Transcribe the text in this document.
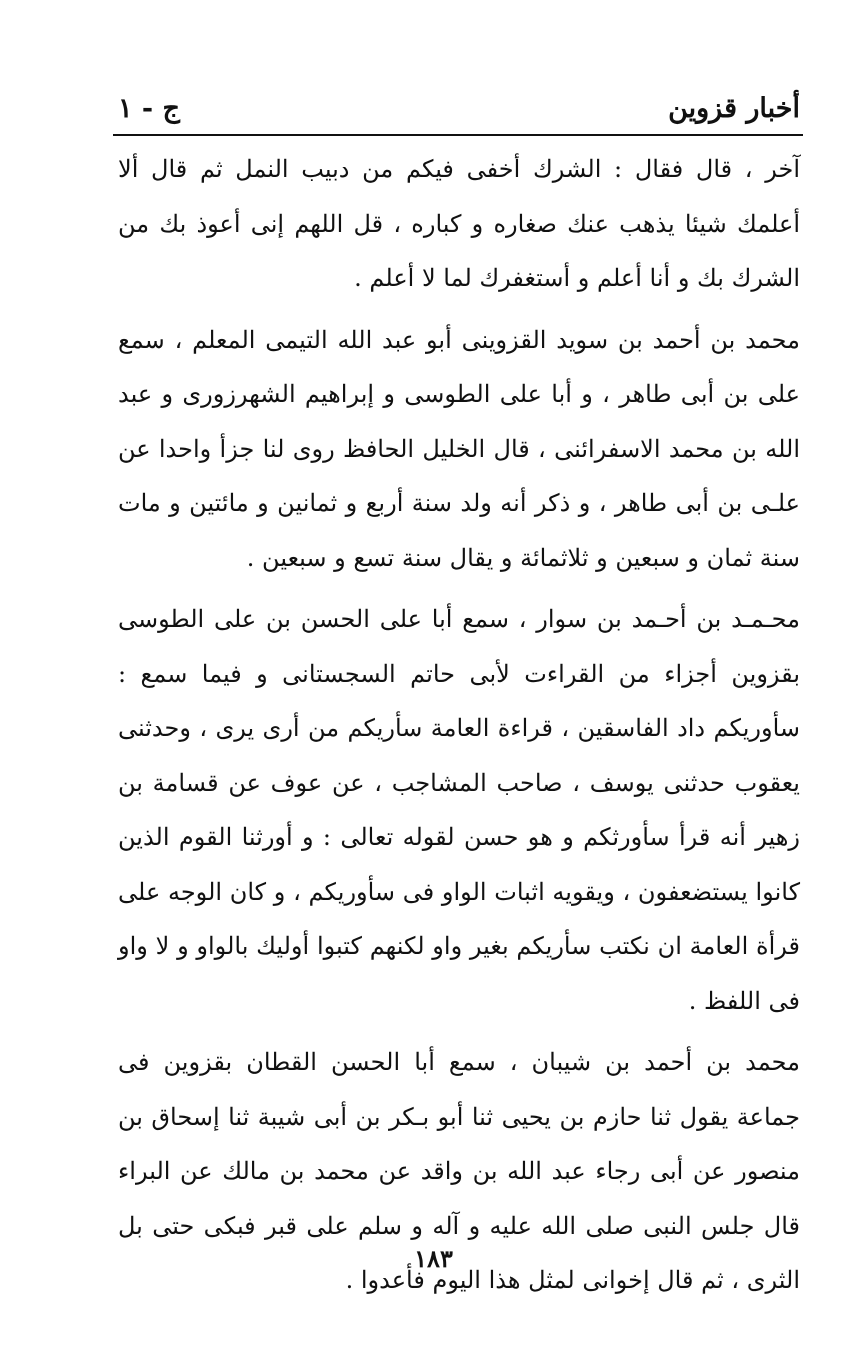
أخبار قزوين
ج - ١

آخر ، قال فقال : الشرك أخفى فيكم من دبيب النمل ثم قال ألا أعلمك شيئا يذهب عنك صغاره و كباره ، قل اللهم إنى أعوذ بك من الشرك بك و أنا أعلم و أستغفرك لما لا أعلم .

محمد بن أحمد بن سويد القزوينى أبو عبد الله التيمى المعلم ، سمع على بن أبى طاهر ، و أبا على الطوسى و إبراهيم الشهرزورى و عبد الله بن محمد الاسفرائنى ، قال الخليل الحافظ روى لنا جزأ واحدا عن علـى بن أبى طاهر ، و ذكر أنه ولد سنة أربع و ثمانين و مائتين و مات سنة ثمان و سبعين و ثلاثمائة و يقال سنة تسع و سبعين .

محـمـد بن أحـمد بن سوار ، سمع أبا على الحسن بن على الطوسى بقزوين أجزاء من القراءت لأبى حاتم السجستانى و فيما سمع : سأوريكم داد الفاسقين ، قراءة العامة سأريكم من أرى يرى ، وحدثنى يعقوب حدثنى يوسف ، صاحب المشاجب ، عن عوف عن قسامة بن زهير أنه قرأ سأورثكم و هو حسن لقوله تعالى : و أورثنا القوم الذين كانوا يستضعفون ، ويقويه اثبات الواو فى سأوريكم ، و كان الوجه على قرأة العامة ان نكتب سأريكم بغير واو لكنهم كتبوا أوليك بالواو و لا واو فى اللفظ .

محمد بن أحمد بن شيبان ، سمع أبا الحسن القطان بقزوين فى جماعة يقول ثنا حازم بن يحيى ثنا أبو بـكر بن أبى شيبة ثنا إسحاق بن منصور عن أبى رجاء عبد الله بن واقد عن محمد بن مالك عن البراء قال جلس النبى صلى الله عليه و آله و سلم على قبر فبكى حتى بل الثرى ، ثم قال إخوانى لمثل هذا اليوم فأعدوا .

١٨٣
